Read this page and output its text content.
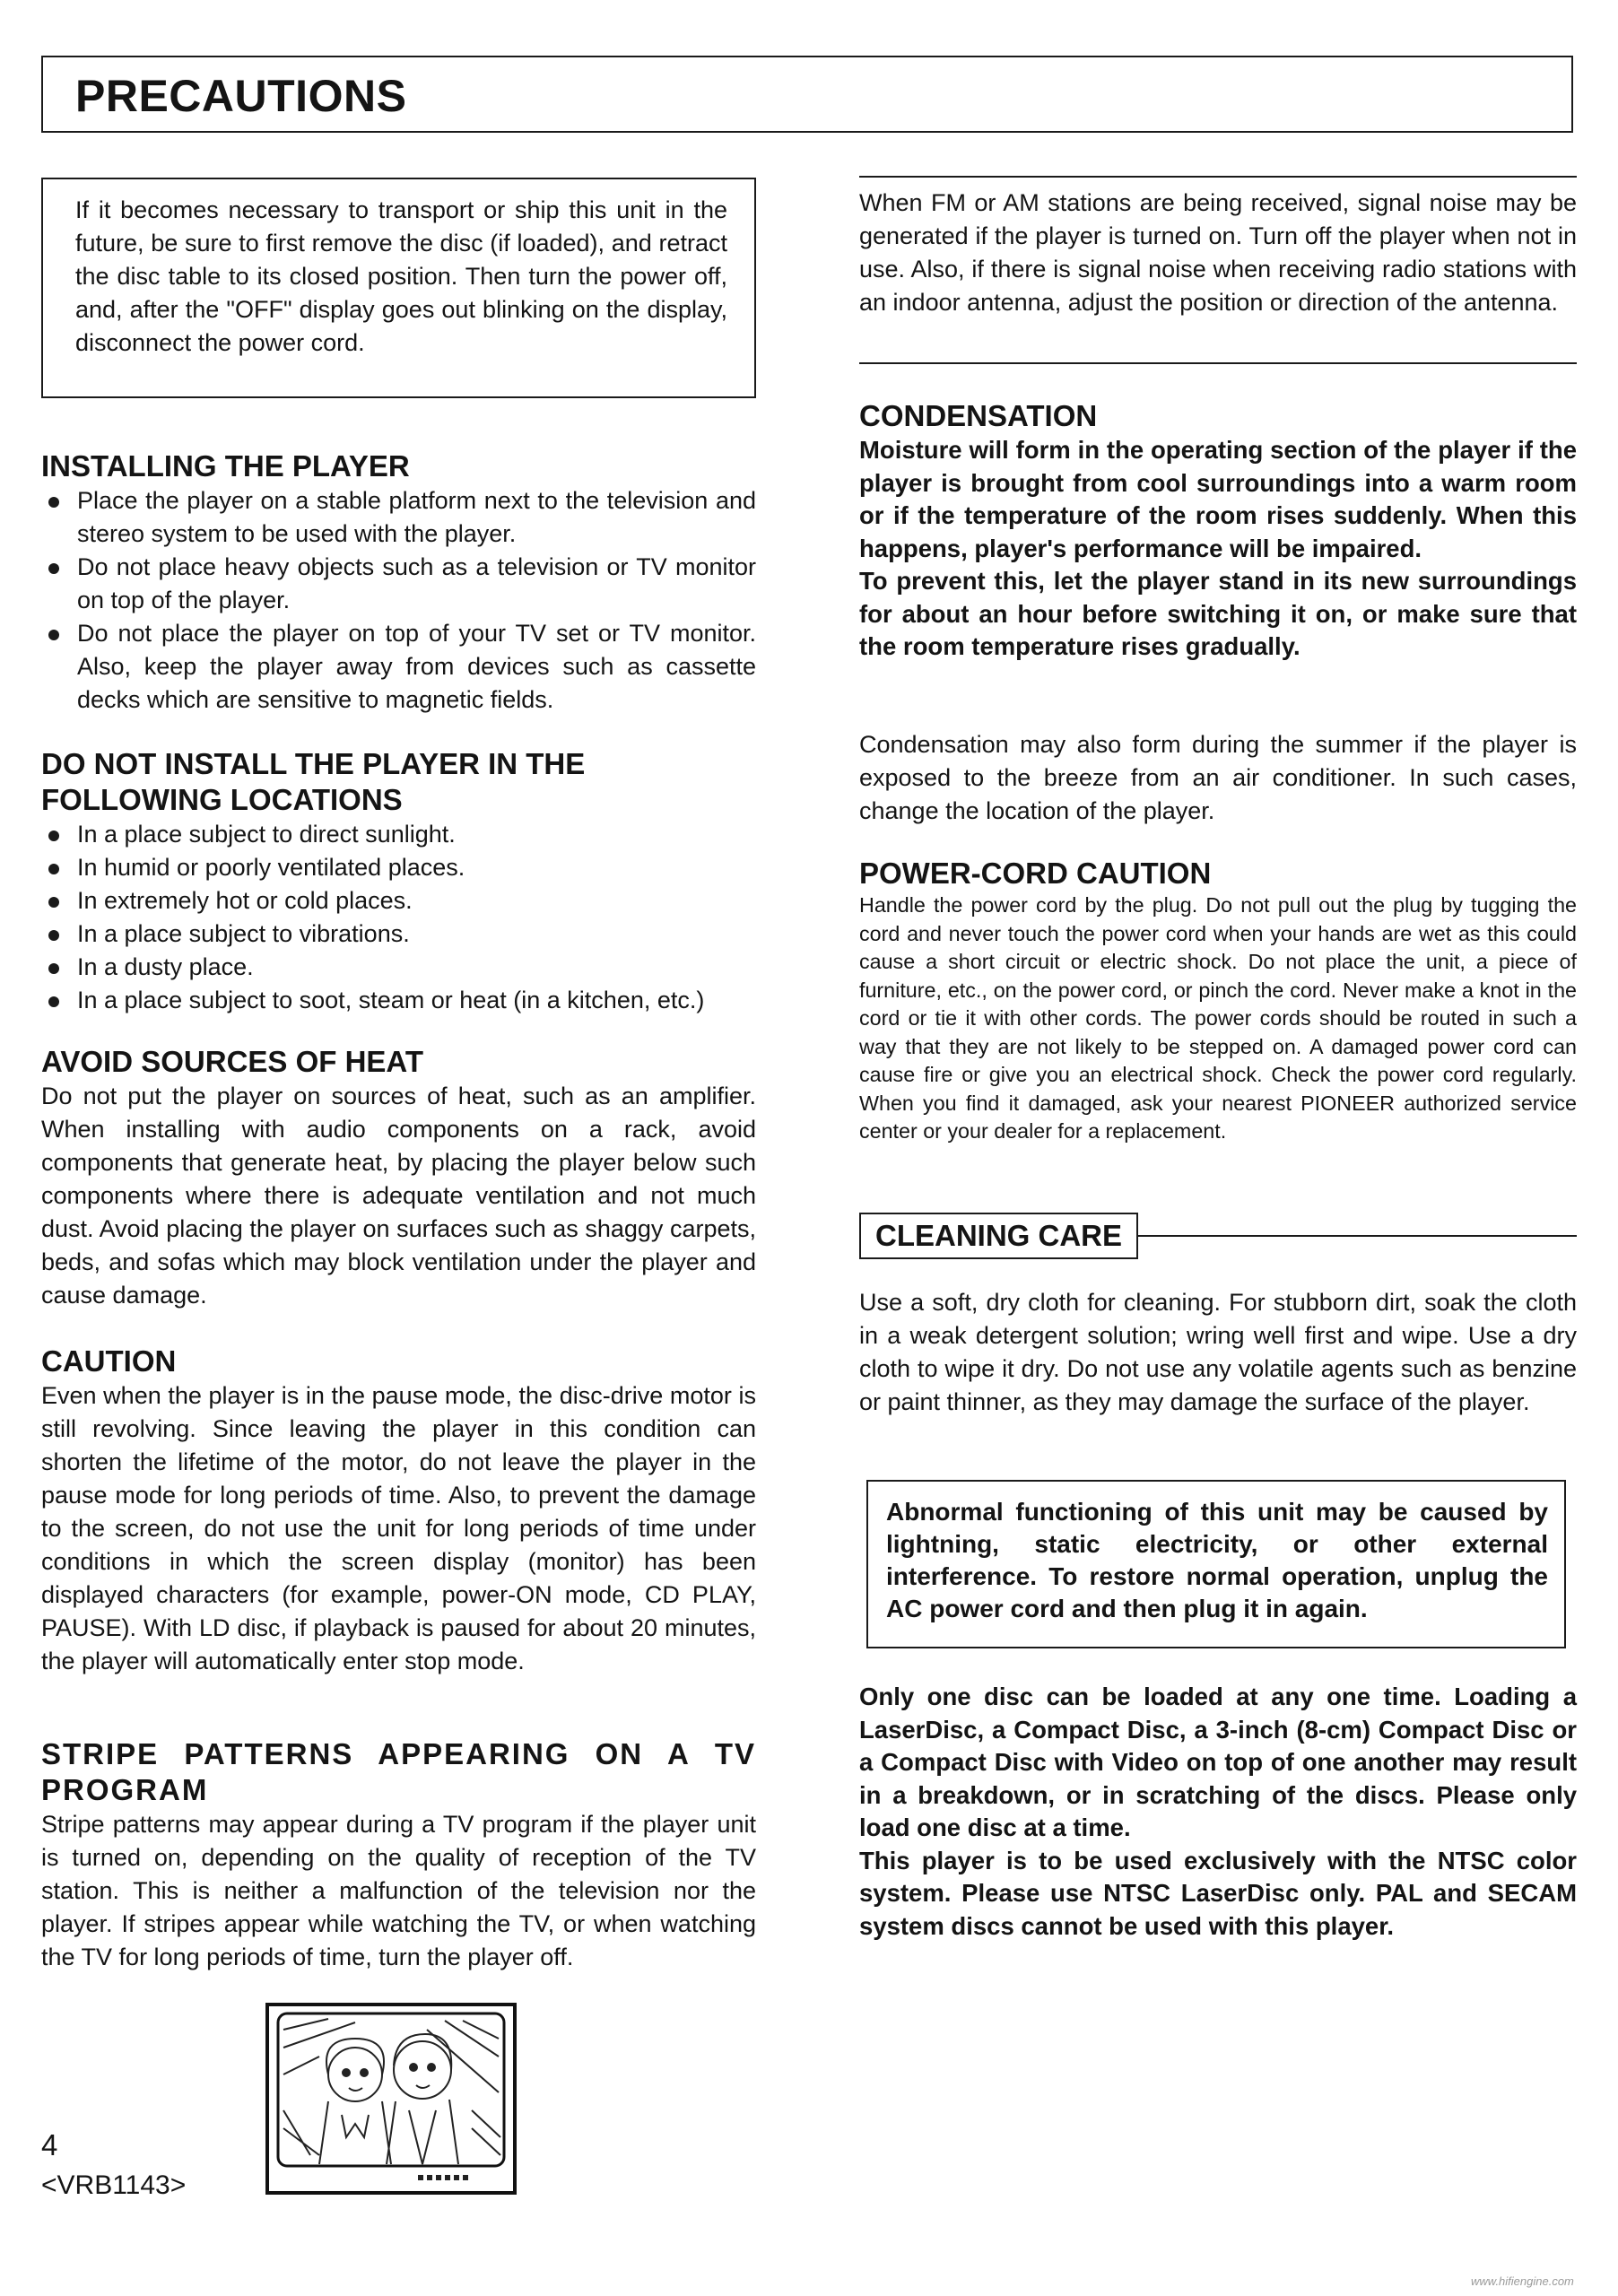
PRECAUTIONS

If it becomes necessary to transport or ship this unit in the future, be sure to first remove the disc (if loaded), and retract the disc table to its closed position. Then turn the power off, and, after the "OFF" display goes out blinking on the display, disconnect the power cord.

INSTALLING THE PLAYER
Place the player on a stable platform next to the television and stereo system to be used with the player.
Do not place heavy objects such as a television or TV monitor on top of the player.
Do not place the player on top of your TV set or TV monitor. Also, keep the player away from devices such as cassette decks which are sensitive to magnetic fields.
DO NOT INSTALL THE PLAYER IN THE FOLLOWING LOCATIONS
In a place subject to direct sunlight.
In humid or poorly ventilated places.
In extremely hot or cold places.
In a place subject to vibrations.
In a dusty place.
In a place subject to soot, steam or heat (in a kitchen, etc.)
AVOID SOURCES OF HEAT

Do not put the player on sources of heat, such as an amplifier. When installing with audio components on a rack, avoid components that generate heat, by placing the player below such components where there is adequate ventilation and not much dust. Avoid placing the player on surfaces such as shaggy carpets, beds, and sofas which may block ventilation under the player and cause damage.

CAUTION

Even when the player is in the pause mode, the disc-drive motor is still revolving. Since leaving the player in this condition can shorten the lifetime of the motor, do not leave the player in the pause mode for long periods of time. Also, to prevent the damage to the screen, do not use the unit for long periods of time under conditions in which the screen display (monitor) has been displayed characters (for example, power-ON mode, CD PLAY, PAUSE). With LD disc, if playback is paused for about 20 minutes, the player will automatically enter stop mode.

STRIPE PATTERNS APPEARING ON A TV PROGRAM

Stripe patterns may appear during a TV program if the player unit is turned on, depending on the quality of reception of the TV station. This is neither a malfunction of the television nor the player. If stripes appear while watching the TV, or when watching the TV for long periods of time, turn the player off.

4
<VRB1143>

When FM or AM stations are being received, signal noise may be generated if the player is turned on. Turn off the player when not in use. Also, if there is signal noise when receiving radio stations with an indoor antenna, adjust the position or direction of the antenna.

CONDENSATION

Moisture will form in the operating section of the player if the player is brought from cool surroundings into a warm room or if the temperature of the room rises suddenly. When this happens, player's performance will be impaired.

To prevent this, let the player stand in its new surroundings for about an hour before switching it on, or make sure that the room temperature rises gradually.

Condensation may also form during the summer if the player is exposed to the breeze from an air conditioner. In such cases, change the location of the player.

POWER-CORD CAUTION

Handle the power cord by the plug. Do not pull out the plug by tugging the cord and never touch the power cord when your hands are wet as this could cause a short circuit or electric shock. Do not place the unit, a piece of furniture, etc., on the power cord, or pinch the cord. Never make a knot in the cord or tie it with other cords. The power cords should be routed in such a way that they are not likely to be stepped on. A damaged power cord can cause fire or give you an electrical shock. Check the power cord regularly. When you find it damaged, ask your nearest PIONEER authorized service center or your dealer for a replacement.

CLEANING CARE

Use a soft, dry cloth for cleaning. For stubborn dirt, soak the cloth in a weak detergent solution; wring well first and wipe. Use a dry cloth to wipe it dry. Do not use any volatile agents such as benzine or paint thinner, as they may damage the surface of the player.

Abnormal functioning of this unit may be caused by lightning, static electricity, or other external interference. To restore normal operation, unplug the AC power cord and then plug it in again.

Only one disc can be loaded at any one time. Loading a LaserDisc, a Compact Disc, a 3-inch (8-cm) Compact Disc or a Compact Disc with Video on top of one another may result in a breakdown, or in scratching of the discs. Please only load one disc at a time.

This player is to be used exclusively with the NTSC color system. Please use NTSC LaserDisc only. PAL and SECAM system discs cannot be used with this player.

www.hifiengine.com
